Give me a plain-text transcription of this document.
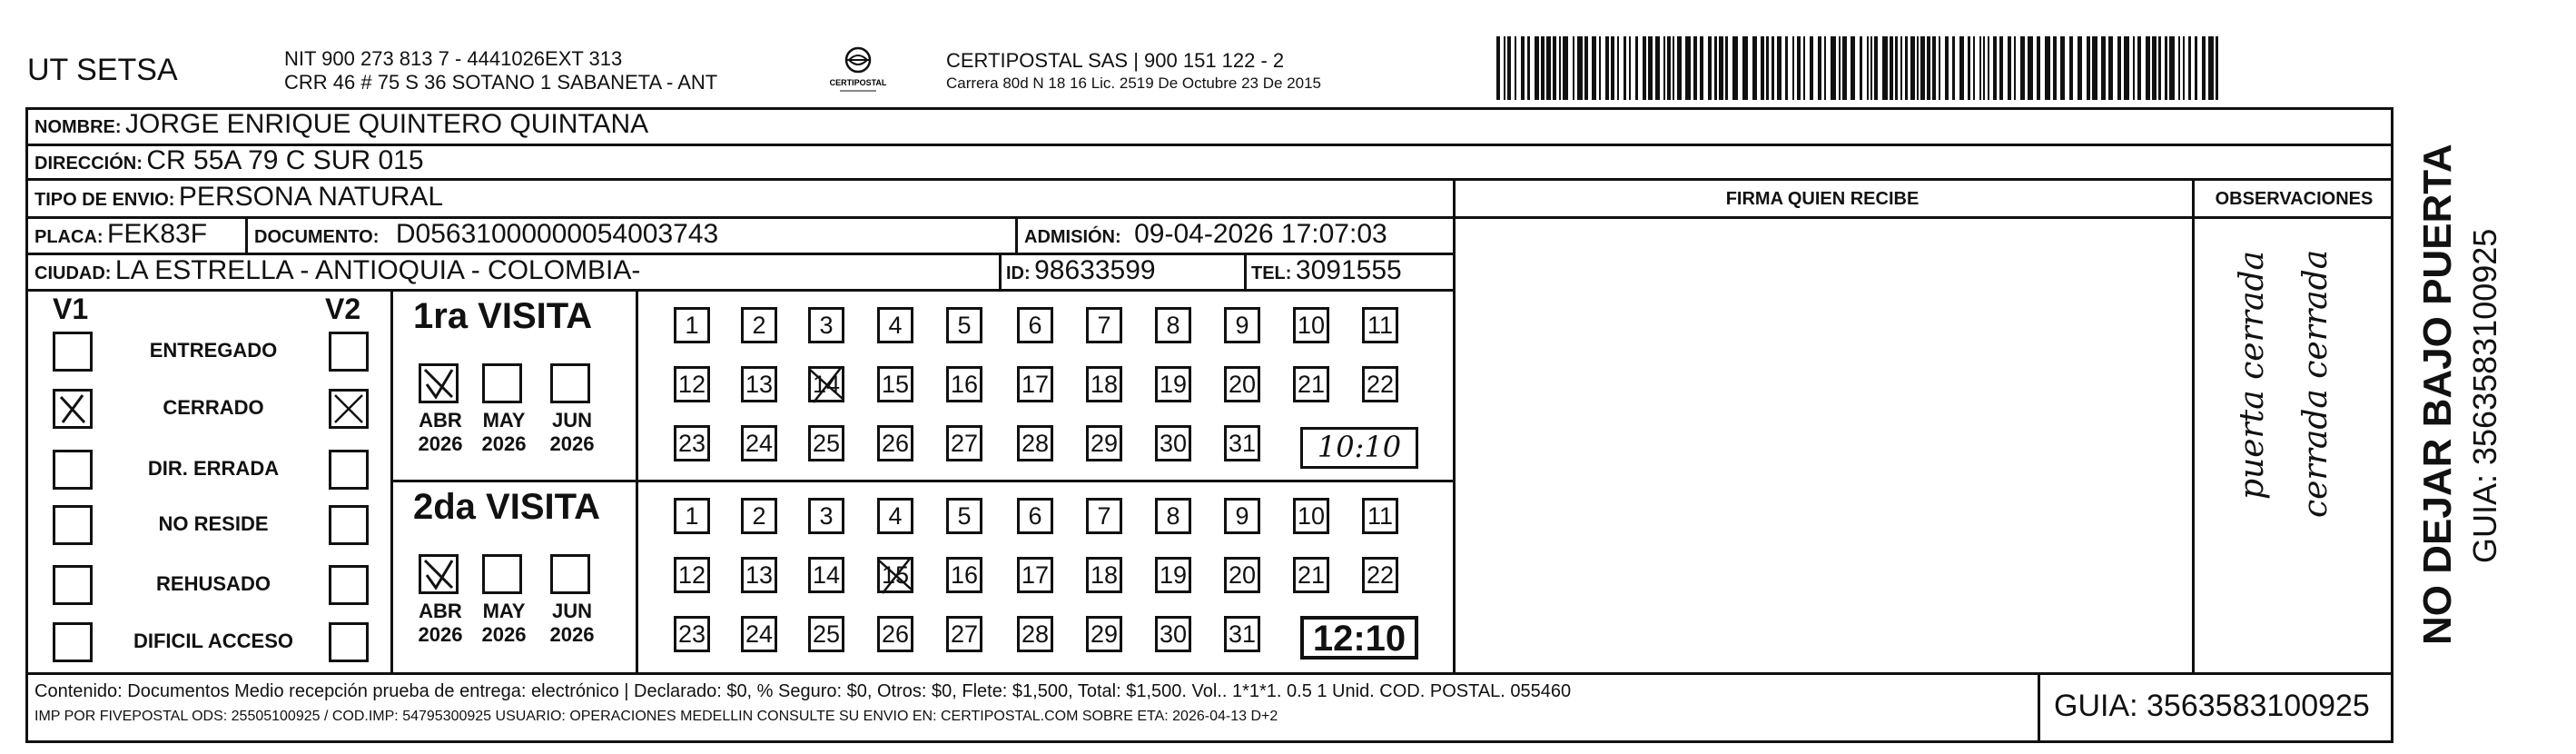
UT SETSA	NIT 900 273 813 7 - 4441026EXT 313
CRR 46 # 75 S 36 SOTANO 1 SABANETA - ANT	CERTIPOSTAL
CERTIPOSTAL SAS | 900 151 122 - 2
Carrera 80d N 18 16 Lic. 2519 De Octubre 23 De 2015
NOMBRE: JORGE ENRIQUE QUINTERO QUINTANA
DIRECCIÓN: CR 55A 79 C SUR 015
TIPO DE ENVIO: PERSONA NATURAL	FIRMA QUIEN RECIBE	OBSERVACIONES
PLACA: FEK83F	DOCUMENTO: D05631000000054003743	ADMISIÓN: 09-04-2026 17:07:03
CIUDAD: LA ESTRELLA - ANTIOQUIA - COLOMBIA-	ID: 98633599	TEL: 3091555
V1	V2
ENTREGADO
CERRADO
DIR. ERRADA
NO RESIDE
REHUSADO
DIFICIL ACCESO
1ra VISITA
2da VISITA
ABR
2026
MAY
2026
JUN
2026
ABR
2026
MAY
2026
JUN
2026
1	2	3	4	5	6	7	8	9	10 11
12 13 14 15 16 17 18 19 20 21 22
23 24 25 26 27 28 29 30 31
1	2	3	4	5	6	7	8	9	10 11
12 13 14 15 16 17 18 19 20 21 22
23 24 25 26 27 28 29 30 31
10:10
12:10
puerta cerrada cerrada cerrada
Contenido: Documentos Medio recepción prueba de entrega: electrónico | Declarado: $0, % Seguro: $0, Otros: $0, Flete: $1,500, Total: $1,500. Vol.. 1*1*1. 0.5 1 Unid. COD. POSTAL. 055460
IMP POR FIVEPOSTAL ODS: 25505100925 / COD.IMP: 54795300925 USUARIO: OPERACIONES MEDELLIN CONSULTE SU ENVIO EN: CERTIPOSTAL.COM SOBRE ETA: 2026-04-13 D+2	GUIA: 3563583100925
NO DEJAR BAJO PUERTA GUIA: 3563583100925
